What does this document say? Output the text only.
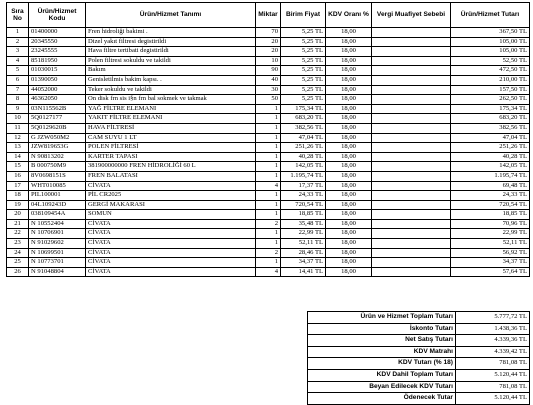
Sıra No	Ürün/Hizmet Kodu	Ürün/Hizmet Tanımı	Miktar	Birim Fiyat	KDV Oranı %	Vergi Muafiyet Sebebi	Ürün/Hizmet Tutarı
1	01400000	Fren hidroliği bakimi .	70	5,25 TL	18,00		367,50 TL
2	20345550	Dizel yakıt filtresi degistirildi	20	5,25 TL	18,00		105,00 TL
3	23245555	Hava filtre tertibati degistirildi	20	5,25 TL	18,00		105,00 TL
4	85181950	Polen filtresi sokuldu ve takildi	10	5,25 TL	18,00		52,50 TL
5	01030015	Bakım	90	5,25 TL	18,00		472,50 TL
6	01390050	Genisletilmis bakim kapsı. .	40	5,25 TL	18,00		210,00 TL
7	44052000	Teker sokuldu ve takildi	30	5,25 TL	18,00		157,50 TL
8	46362050	On disk frn sis i§n frn bal sokmek ve takmak	50	5,25 TL	18,00		262,50 TL
9	03N115562B	YAĞ FİLTRE ELEMANI	1	175,34 TL	18,00		175,34 TL
10	5Q0127177	YAKIT FİLTRE ELEMANI	1	683,20 TL	18,00		683,20 TL
11	5Q0129620B	HAVA FİLTRESİ	1	382,56 TL	18,00		382,56 TL
12	G JZW050M2	CAM SUYU 1 LT	1	47,04 TL	18,00		47,04 TL
13	JZW819653G	POLEN FİLTRESİ	1	251,26 TL	18,00		251,26 TL
14	N 90813202	KARTER TAPASI	1	40,28 TL	18,00		40,28 TL
15	B 000750M9	381900000000 FREN HİDROLİĞİ 60 L	1	142,05 TL	18,00		142,05 TL
16	8V0698151S	FREN BALATASI	1	1.195,74 TL	18,00		1.195,74 TL
17	WHT010085	CİVATA	4	17,37 TL	18,00		69,48 TL
18	PIL100001	PİL CR2025	1	24,33 TL	18,00		24,33 TL
19	04L109243D	GERGİ MAKARASI	1	720,54 TL	18,00		720,54 TL
20	038109454A	SOMUN	1	18,85 TL	18,00		18,85 TL
21	N 10552404	CİVATA	2	35,48 TL	18,00		70,96 TL
22	N 10706901	CİVATA	1	22,99 TL	18,00		22,99 TL
23	N 91029602	CİVATA	1	52,11 TL	18,00		52,11 TL
24	N 10699501	CİVATA	2	28,46 TL	18,00		56,92 TL
25	N 10773701	CİVATA	1	34,37 TL	18,00		34,37 TL
26	N 91048804	CİVATA	4	14,41 TL	18,00		57,64 TL
Ürün ve Hizmet Toplam Tutarı	5.777,72 TL
İskonto Tutarı	1.438,36 TL
Net Satış Tutarı	4.339,36 TL
KDV Matrahı	4.339,42 TL
KDV Tutarı (% 18)	781,08 TL
KDV Dahil Toplam Tutarı	5.120,44 TL
Beyan Edilecek KDV Tutarı	781,08 TL
Ödenecek Tutar	5.120,44 TL
